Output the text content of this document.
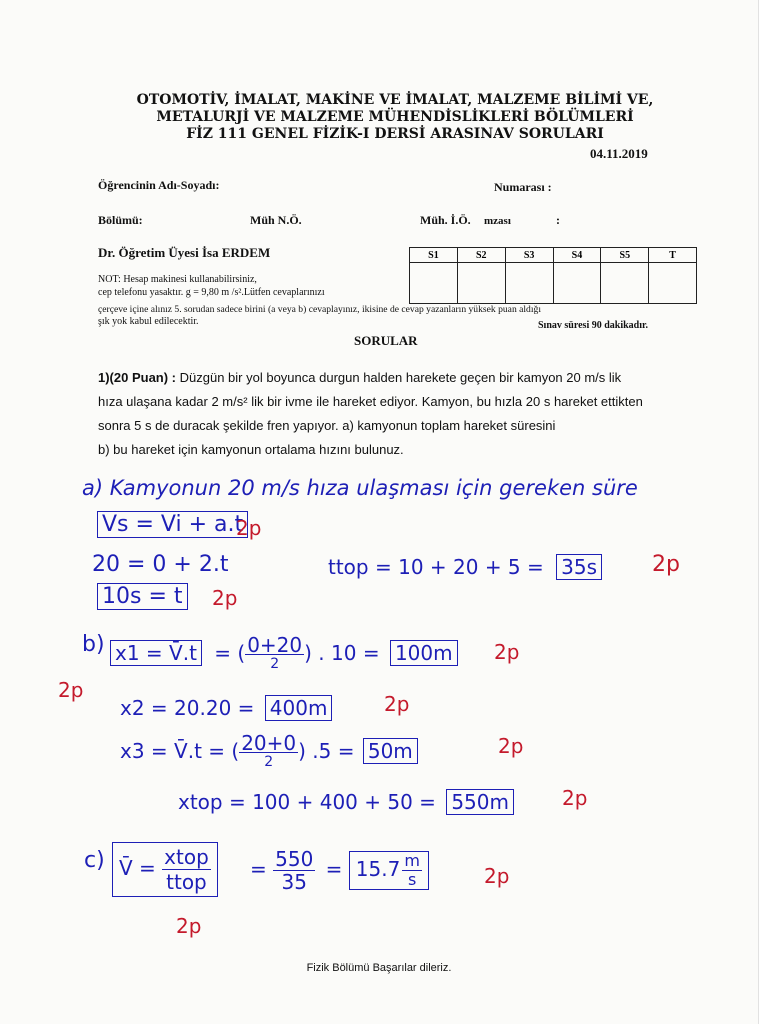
OTOMOTİV, İMALAT, MAKİNE VE İMALAT, MALZEME BİLİMİ VE,
METALURJİ VE MALZEME MÜHENDİSLİKLERİ BÖLÜMLERİ
FİZ 111 GENEL FİZİK-I DERSİ ARASINAV SORULARI
04.11.2019
Öğrencinin Adı-Soyadı:	Numarası :
Bölümü:	Müh N.Ö.	Müh. İ.Ö. mzası	:
Dr. Öğretim Üyesi İsa ERDEM	S1	S2	S3	S4	S5	T

NOT: Hesap makinesi kullanabilirsiniz,
cep telefonu yasaktır. g = 9,80 m /s².Lütfen cevaplarınızı
çerçeve içine alınız 5. sorudan sadece birini (a veya b) cevaplayınız, ikisine de cevap yazanların yüksek puan aldığı
şık yok kabul edilecektir.	Sınav süresi 90 dakikadır.
SORULAR
1)(20 Puan) : Düzgün bir yol boyunca durgun halden harekete geçen bir kamyon 20 m/s lik
hıza ulaşana kadar 2 m/s² lik bir ivme ile hareket ediyor. Kamyon, bu hızla 20 s hareket ettikten
sonra 5 s de duracak şekilde fren yapıyor. a) kamyonun toplam hareket süresini
b) bu hareket için kamyonun ortalama hızını bulunuz.
a) Kamyonun 20 m/s hıza ulaşması için gereken süre
Vs = Vi + a.t
2p
20 = 0 + 2.t	ttop = 10 + 20 + 5 = 35s 2p
10s = t 2p
b) x1 = V̄.t = ( $\frac{0+20}{2}$ ) . 10 = 100m 2p
2p
x2 = 20.20 = 400m	2p
x3 = V̄.t = ( $\frac{20+0}{2}$ ) .5 = 50m	2p
xtop = 100 + 400 + 50 = 550m	2p
c) V̄ = $\frac{\text{xtop}}{\text{ttop}} = \frac{550}{35} = 15.7 \frac{m}{s}$	2p
2p
Fizik Bölümü Başarılar dileriz.
